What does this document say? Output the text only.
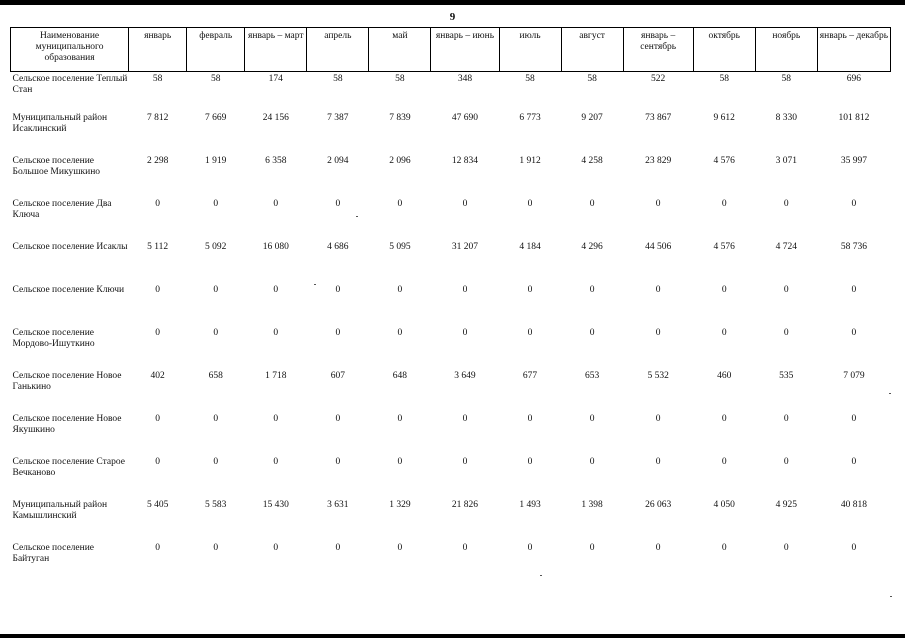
9
Наименование муниципального образования	январь	февраль	январь – март	апрель	май	январь – июнь	июль	август	январь – сентябрь	октябрь	ноябрь	январь – декабрь
Сельское поселение Теплый Стан	58	58	174	58	58	348	58	58	522	58	58	696
Муниципальный район Исаклинский	7 812	7 669	24 156	7 387	7 839	47 690	6 773	9 207	73 867	9 612	8 330	101 812
Сельское поселение Большое Микушкино	2 298	1 919	6 358	2 094	2 096	12 834	1 912	4 258	23 829	4 576	3 071	35 997
Сельское поселение Два Ключа	0	0	0	0	0	0	0	0	0	0	0	0
Сельское поселение Исаклы	5 112	5 092	16 080	4 686	5 095	31 207	4 184	4 296	44 506	4 576	4 724	58 736
Сельское поселение Ключи	0	0	0	0	0	0	0	0	0	0	0	0
Сельское поселение Мордово-Ишуткино	0	0	0	0	0	0	0	0	0	0	0	0
Сельское поселение Новое Ганькино	402	658	1 718	607	648	3 649	677	653	5 532	460	535	7 079
Сельское поселение Новое Якушкино	0	0	0	0	0	0	0	0	0	0	0	0
Сельское поселение Старое Вечканово	0	0	0	0	0	0	0	0	0	0	0	0
Муниципальный район Камышлинский	5 405	5 583	15 430	3 631	1 329	21 826	1 493	1 398	26 063	4 050	4 925	40 818
Сельское поселение Байтуган	0	0	0	0	0	0	0	0	0	0	0	0
